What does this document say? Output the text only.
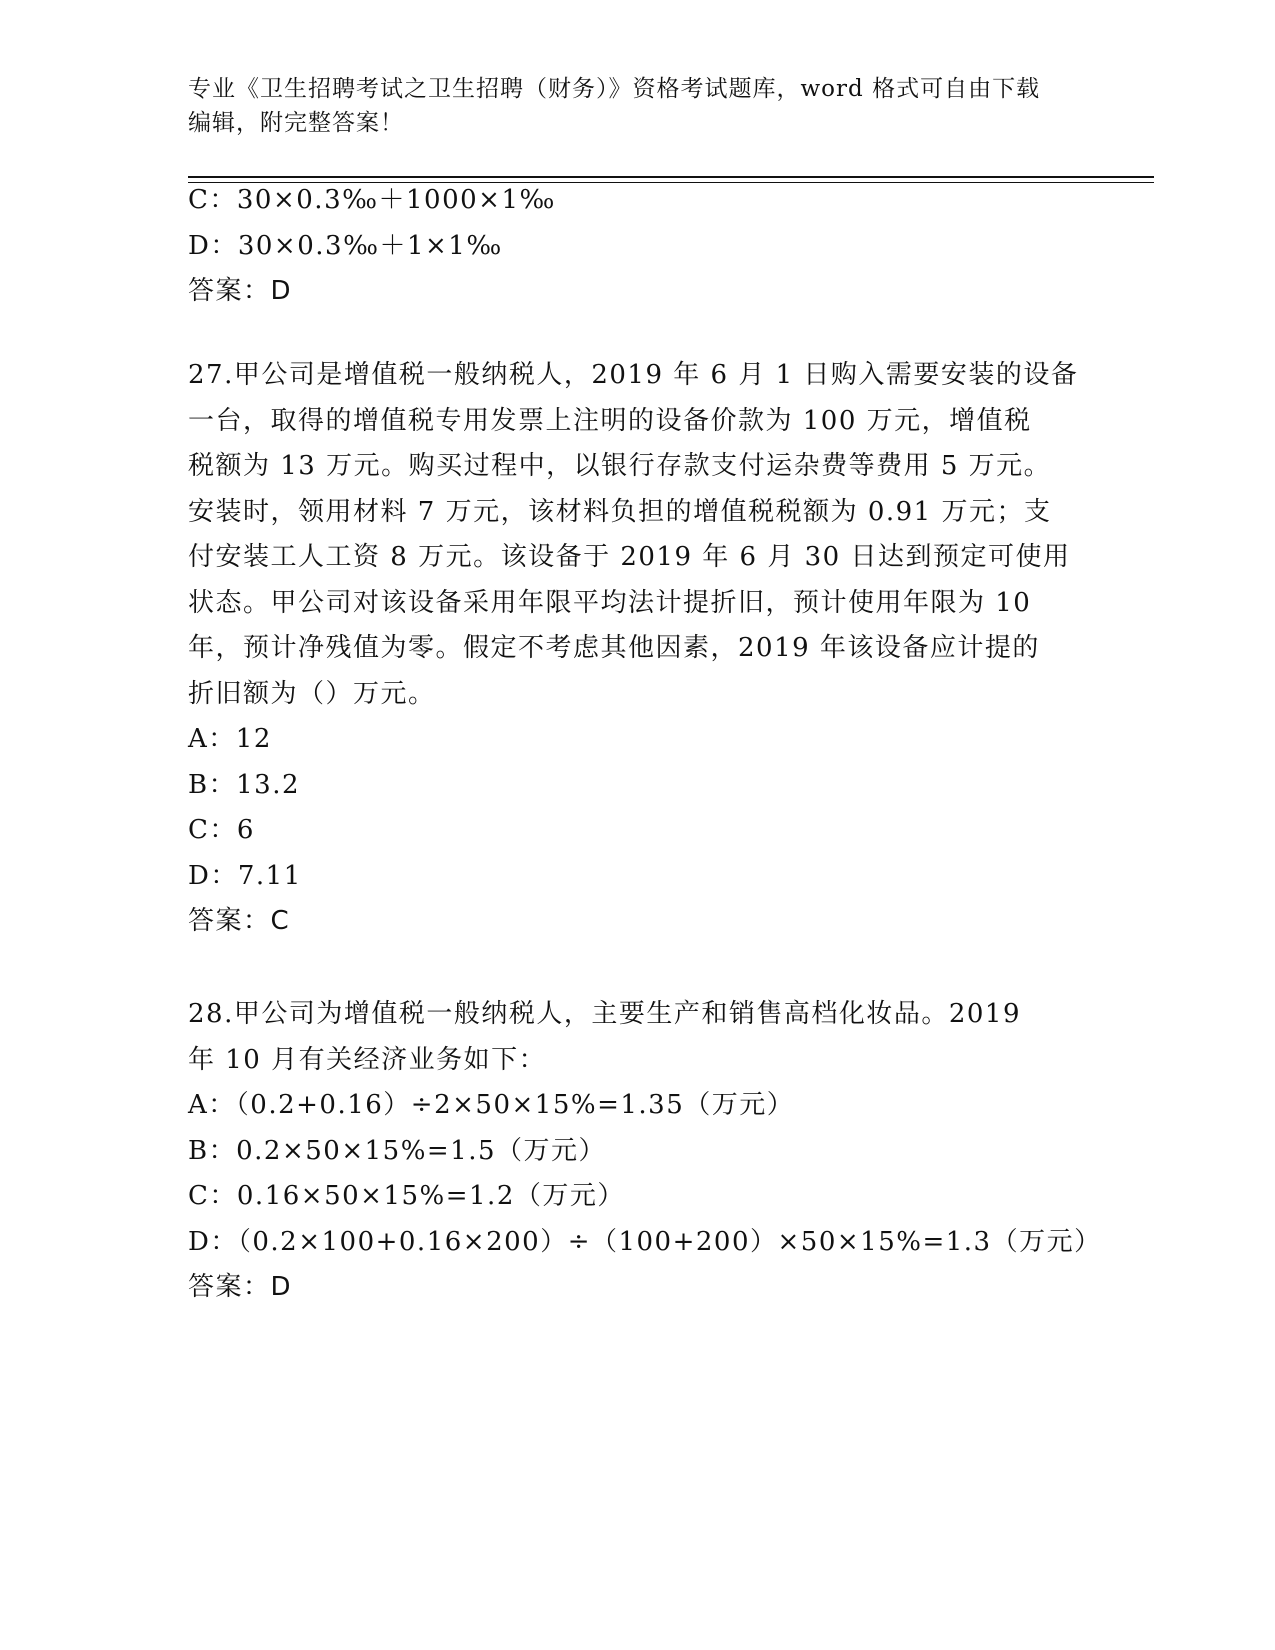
专业《卫生招聘考试之卫生招聘（财务）》资格考试题库，word 格式可自由下载
编辑，附完整答案！
C：30×0.3‰＋1000×1‰
D：30×0.3‰＋1×1‰
答案：D
27.甲公司是增值税一般纳税人，2019 年 6 月 1 日购入需要安装的设备
一台，取得的增值税专用发票上注明的设备价款为 100 万元，增值税
税额为 13 万元。购买过程中，以银行存款支付运杂费等费用 5 万元。
安装时，领用材料 7 万元，该材料负担的增值税税额为 0.91 万元；支
付安装工人工资 8 万元。该设备于 2019 年 6 月 30 日达到预定可使用
状态。甲公司对该设备采用年限平均法计提折旧，预计使用年限为 10
年，预计净残值为零。假定不考虑其他因素，2019 年该设备应计提的
折旧额为（）万元。
A：12
B：13.2
C：6
D：7.11
答案：C
28.甲公司为增值税一般纳税人，主要生产和销售高档化妆品。2019
年 10 月有关经济业务如下：
A：（0.2+0.16）÷2×50×15%=1.35（万元）
B：0.2×50×15%=1.5（万元）
C：0.16×50×15%=1.2（万元）
D：（0.2×100+0.16×200）÷（100+200）×50×15%=1.3（万元）
答案：D
